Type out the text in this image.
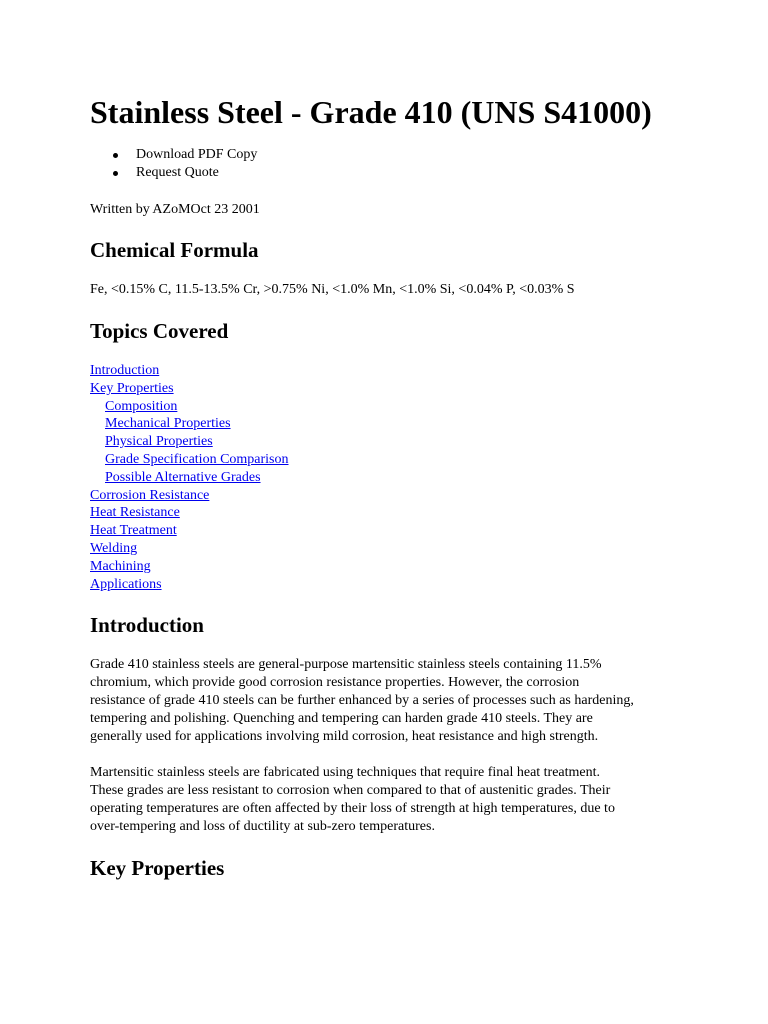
Stainless Steel - Grade 410 (UNS S41000)
Download PDF Copy
Request Quote

Written by AZoMOct 23 2001

Chemical Formula

Fe, <0.15% C, 11.5-13.5% Cr, >0.75% Ni, <1.0% Mn, <1.0% Si, <0.04% P, <0.03% S

Topics Covered
Introduction
Key Properties
Composition
Mechanical Properties
Physical Properties
Grade Specification Comparison
Possible Alternative Grades
Corrosion Resistance
Heat Resistance
Heat Treatment
Welding
Machining
Applications
Introduction
Grade 410 stainless steels are general-purpose martensitic stainless steels containing 11.5%
chromium, which provide good corrosion resistance properties. However, the corrosion
resistance of grade 410 steels can be further enhanced by a series of processes such as hardening,
tempering and polishing. Quenching and tempering can harden grade 410 steels. They are
generally used for applications involving mild corrosion, heat resistance and high strength.
Martensitic stainless steels are fabricated using techniques that require final heat treatment.
These grades are less resistant to corrosion when compared to that of austenitic grades. Their
operating temperatures are often affected by their loss of strength at high temperatures, due to
over-tempering and loss of ductility at sub-zero temperatures.
Key Properties
